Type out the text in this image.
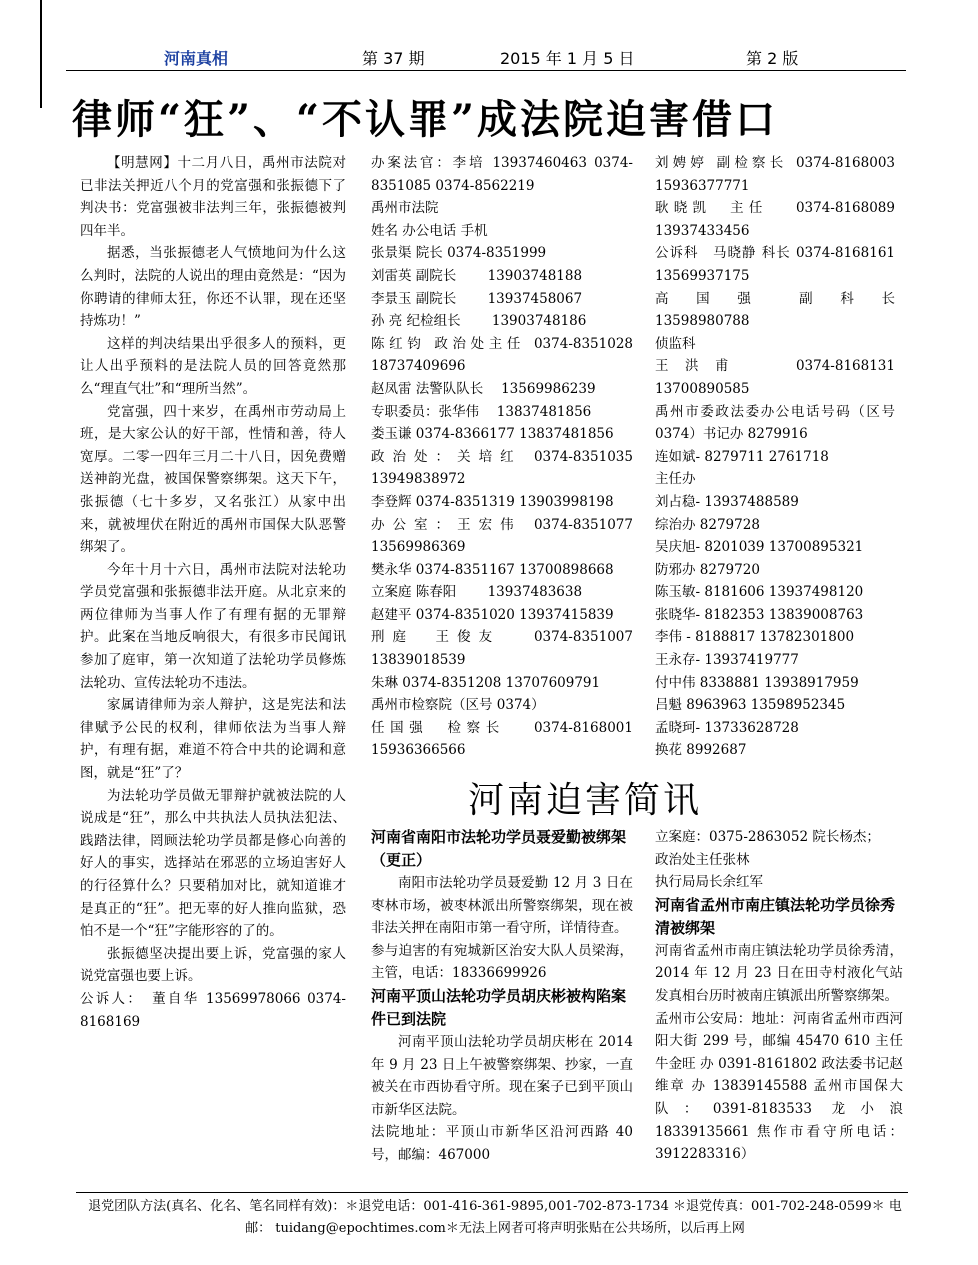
河南真相	第 37 期	2015 年 1 月 5 日	第 2 版
律师“狂”、“不认罪”成法院迫害借口

【明慧网】十二月八日，禹州市法院对已非法关押近八个月的党富强和张振德下了判决书：党富强被非法判三年，张振德被判四年半。

据悉，当张振德老人气愤地问为什么这么判时，法院的人说出的理由竟然是：“因为你聘请的律师太狂，你还不认罪，现在还坚持炼功！”

这样的判决结果出乎很多人的预料，更让人出乎预料的是法院人员的回答竟然那么“理直气壮”和“理所当然”。

党富强，四十来岁，在禹州市劳动局上班，是大家公认的好干部，性情和善，待人宽厚。二零一四年三月二十八日，因免费赠送神韵光盘，被国保警察绑架。这天下午，张振德（七十多岁，又名张江）从家中出来，就被埋伏在附近的禹州市国保大队恶警绑架了。

今年十月十六日，禹州市法院对法轮功学员党富强和张振德非法开庭。从北京来的两位律师为当事人作了有理有据的无罪辩护。此案在当地反响很大，有很多市民闻讯参加了庭审，第一次知道了法轮功学员修炼法轮功、宣传法轮功不违法。

家属请律师为亲人辩护，这是宪法和法律赋予公民的权利，律师依法为当事人辩护，有理有据，难道不符合中共的论调和意图，就是“狂”了？

为法轮功学员做无罪辩护就被法院的人说成是“狂”，那么中共执法人员执法犯法、践踏法律，罔顾法轮功学员都是修心向善的好人的事实，选择站在邪恶的立场迫害好人的行径算什么？只要稍加对比，就知道谁才是真正的“狂”。把无辜的好人推向监狱，恐怕不是一个“狂”字能形容的了的。

张振德坚决提出要上诉，党富强的家人说党富强也要上诉。

公诉人：　董自华 13569978066 0374-8168169

办案法官：李培 13937460463 0374-8351085 0374-8562219

禹州市法院

姓名 办公电话 手机

张景渠 院长 0374-8351999

刘雷英 副院长　　 13903748188

李景玉 副院长　　 13937458067

孙 亮 纪检组长　　 13903748186

陈红钧 政治处主任 0374-8351028 18737409696

赵凤雷 法警队队长　 13569986239

专职委员：张华伟　 13837481856

娄玉谦 0374-8366177 13837481856

政治处：关培红 0374-8351035 13949838972

李登辉 0374-8351319 13903998198

办公室：王宏伟 0374-8351077 13569986369

樊永华 0374-8351167 13700898668

立案庭 陈春阳　　 13937483638

赵建平 0374-8351020 13937415839

刑庭　王俊友　 0374-8351007 13839018539

朱琳 0374-8351208 13707609791

禹州市检察院（区号 0374）

任国强　检察长　 0374-8168001 15936366566

刘娉婷 副检察长 0374-8168003 15936377771

耿晓凯　主任　 0374-8168089 13937433456

公诉科　马晓静 科长 0374-8168161 13569937175

高　国　强　　副　科　长 13598980788

侦监科

王　洪　甫　　　　 0374-8168131 13700890585

禹州市委政法委办公电话号码（区号 0374）书记办 8279916

连如斌- 8279711 2761718

主任办

刘占稳- 13937488589

综治办 8279728

吴庆旭- 8201039 13700895321

防邪办 8279720

陈玉敏- 8181606 13937498120

张晓华- 8182353 13839008763

李伟 - 8188817 13782301800

王永存- 13937419777

付中伟 8338881 13938917959

吕魁 8963963 13598952345

孟晓珂- 13733628728

换花 8992687

河南迫害简讯

河南省南阳市法轮功学员聂爱勤被绑架（更正）

南阳市法轮功学员聂爱勤 12 月 3 日在枣林市场，被枣林派出所警察绑架，现在被非法关押在南阳市第一看守所，详情待查。

参与迫害的有宛城新区治安大队人员梁海，主管，电话：18336699926

河南平顶山法轮功学员胡庆彬被构陷案件已到法院

河南平顶山法轮功学员胡庆彬在 2014 年 9 月 23 日上午被警察绑架、抄家，一直被关在市西协看守所。现在案子已到平顶山市新华区法院。

法院地址：平顶山市新华区沿河西路 40 号，邮编：467000

立案庭：0375-2863052 院长杨杰；

政治处主任张林

执行局局长余红军

河南省孟州市南庄镇法轮功学员徐秀清被绑架

河南省孟州市南庄镇法轮功学员徐秀清，2014 年 12 月 23 日在田寺村液化气站发真相台历时被南庄镇派出所警察绑架。

孟州市公安局：地址：河南省孟州市西河阳大街 299 号，邮编 45470 610 主任牛金旺 办 0391-8161802 政法委书记赵维章 办 13839145588 孟州市国保大队：0391-8183533 龙小浪 18339135661 焦作市看守所电话：3912283316）

退党团队方法(真名、化名、笔名同样有效)：＊退党电话：001-416-361-9895,001-702-873-1734 ＊退党传真：001-702-248-0599＊ 电邮： tuidang@epochtimes.com＊无法上网者可将声明张贴在公共场所，以后再上网
